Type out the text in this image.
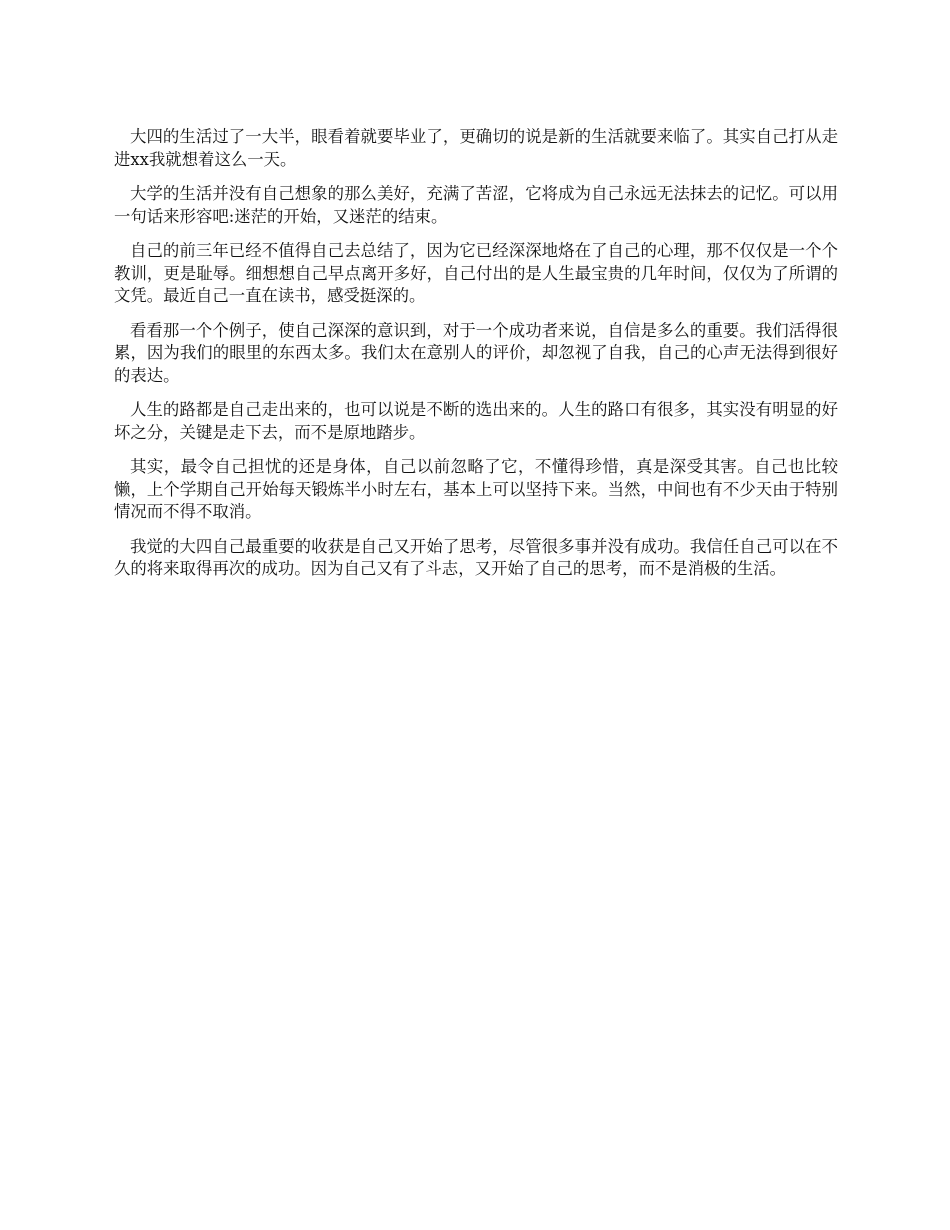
大四的生活过了一大半，眼看着就要毕业了，更确切的说是新的生活就要来临了。其实自己打从走进xx我就想着这么一天。

大学的生活并没有自己想象的那么美好，充满了苦涩，它将成为自己永远无法抹去的记忆。可以用一句话来形容吧:迷茫的开始，又迷茫的结束。

自己的前三年已经不值得自己去总结了，因为它已经深深地烙在了自己的心理，那不仅仅是一个个教训，更是耻辱。细想想自己早点离开多好，自己付出的是人生最宝贵的几年时间，仅仅为了所谓的文凭。最近自己一直在读书，感受挺深的。

看看那一个个例子，使自己深深的意识到，对于一个成功者来说，自信是多么的重要。我们活得很累，因为我们的眼里的东西太多。我们太在意别人的评价，却忽视了自我，自己的心声无法得到很好的表达。

人生的路都是自己走出来的，也可以说是不断的选出来的。人生的路口有很多，其实没有明显的好坏之分，关键是走下去，而不是原地踏步。

其实，最令自己担忧的还是身体，自己以前忽略了它，不懂得珍惜，真是深受其害。自己也比较懒，上个学期自己开始每天锻炼半小时左右，基本上可以坚持下来。当然，中间也有不少天由于特别情况而不得不取消。

我觉的大四自己最重要的收获是自己又开始了思考，尽管很多事并没有成功。我信任自己可以在不久的将来取得再次的成功。因为自己又有了斗志，又开始了自己的思考，而不是消极的生活。
